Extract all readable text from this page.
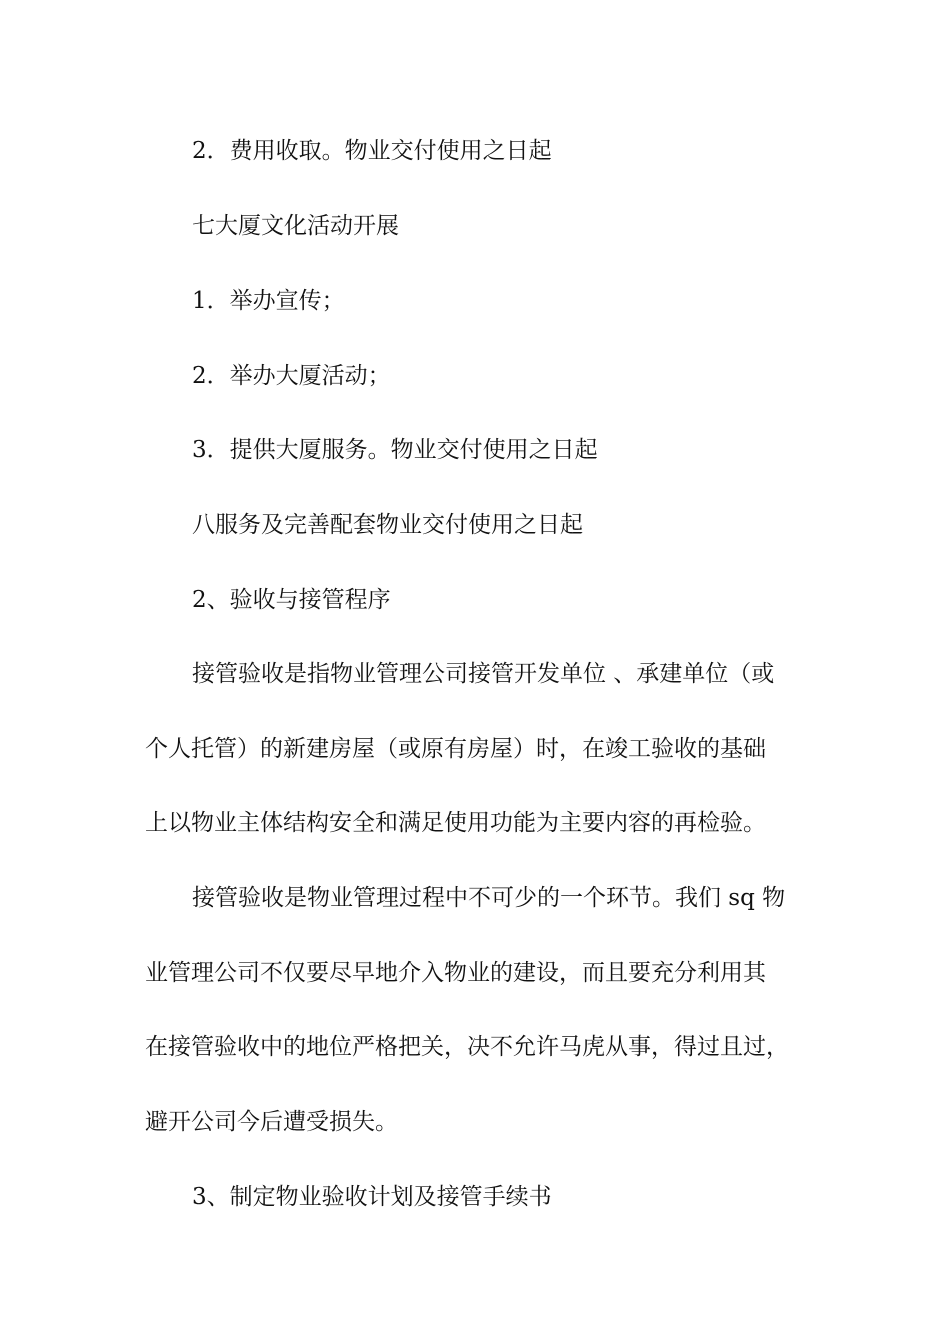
2．费用收取。物业交付使用之日起
七大厦文化活动开展
1．举办宣传；
2．举办大厦活动；
3．提供大厦服务。物业交付使用之日起
八服务及完善配套物业交付使用之日起
2、验收与接管程序
接管验收是指物业管理公司接管开发单位 、承建单位（或
个人托管）的新建房屋（或原有房屋）时，在竣工验收的基础
上以物业主体结构安全和满足使用功能为主要内容的再检验。
接管验收是物业管理过程中不可少的一个环节。我们 sq 物
业管理公司不仅要尽早地介入物业的建设，而且要充分利用其
在接管验收中的地位严格把关，决不允许马虎从事，得过且过，
避开公司今后遭受损失。
3、制定物业验收计划及接管手续书
